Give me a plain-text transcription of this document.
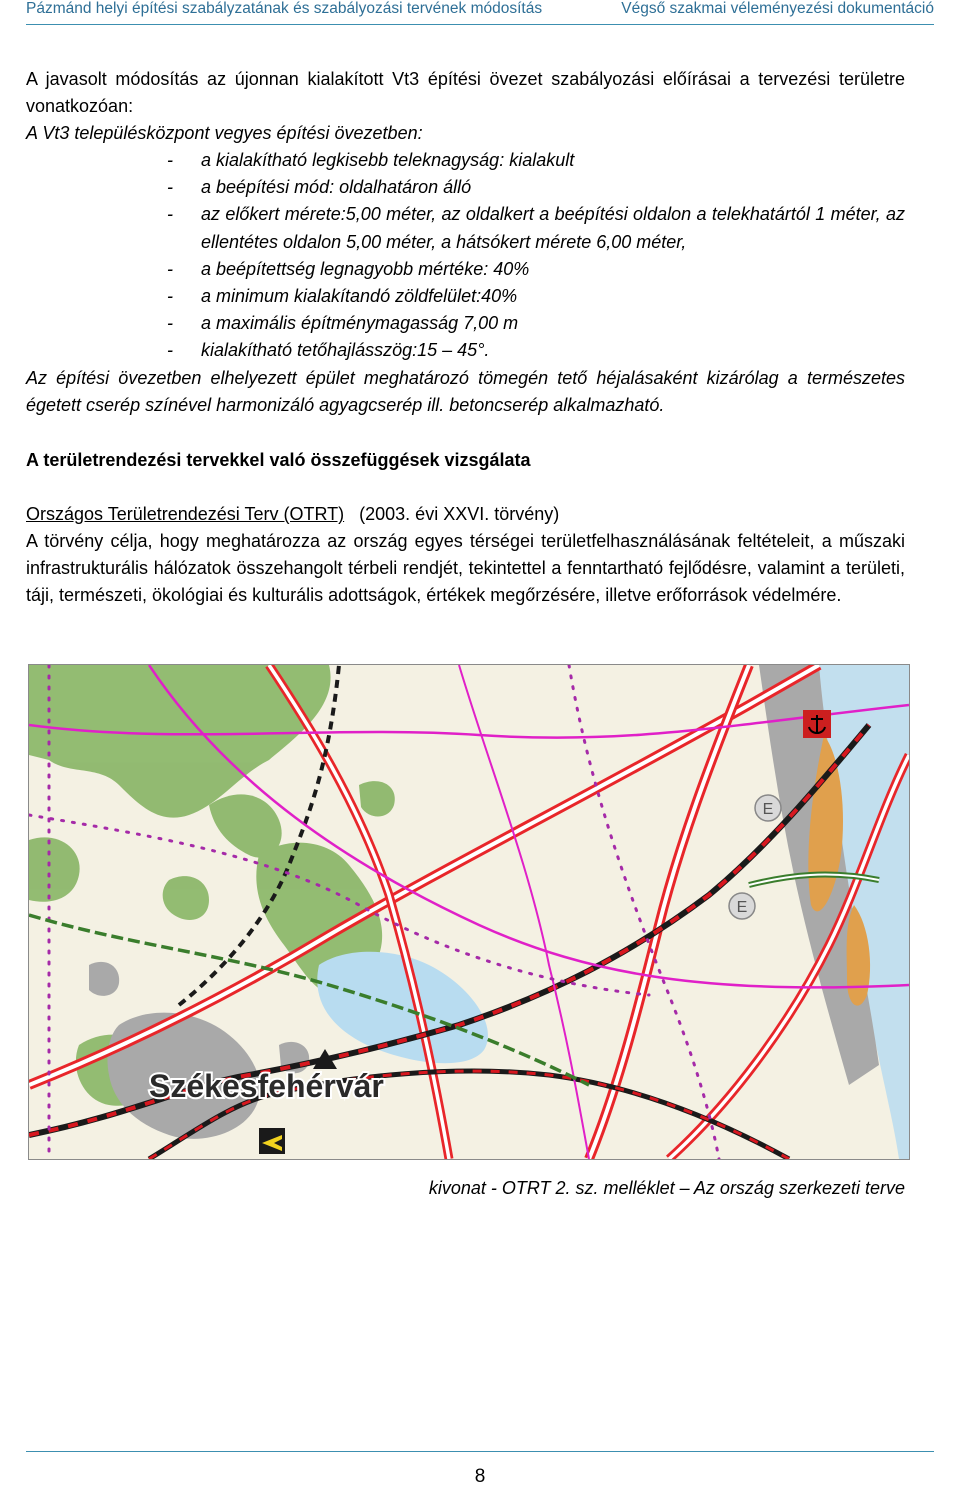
Pázmánd helyi építési szabályzatának és szabályozási tervének módosítás	Végső szakmai véleményezési dokumentáció
A javasolt módosítás az újonnan kialakított Vt3 építési övezet szabályozási előírásai a tervezési területre vonatkozóan:
A Vt3 településközpont vegyes építési övezetben:
- a kialakítható legkisebb teleknagyság: kialakult
- a beépítési mód: oldalhatáron álló
- az előkert mérete:5,00 méter, az oldalkert a beépítési oldalon a telekhatártól 1 méter, az ellentétes oldalon 5,00 méter, a hátsókert mérete 6,00 méter,
- a beépítettség legnagyobb mértéke: 40%
- a minimum kialakítandó zöldfelület:40%
- a maximális építménymagasság 7,00 m
- kialakítható tetőhajlásszög:15 – 45°.
Az építési övezetben elhelyezett épület meghatározó tömegén tető héjalásaként kizárólag a természetes égetett cserép színével harmonizáló agyagcserép ill. betoncserép alkalmazható.
A területrendezési tervekkel való összefüggések vizsgálata
Országos Területrendezési Terv (OTRT) (2003. évi XXVI. törvény)
A törvény célja, hogy meghatározza az ország egyes térségei területfelhasználásának feltételeit, a műszaki infrastrukturális hálózatok összehangolt térbeli rendjét, tekintettel a fenntartható fejlődésre, valamint a területi, táji, természeti, ökológiai és kulturális adottságok, értékek megőrzésére, illetve erőforrások védelmére.
E
E
Székesfehérvár
kivonat - OTRT 2. sz. melléklet – Az ország szerkezeti terve
8
